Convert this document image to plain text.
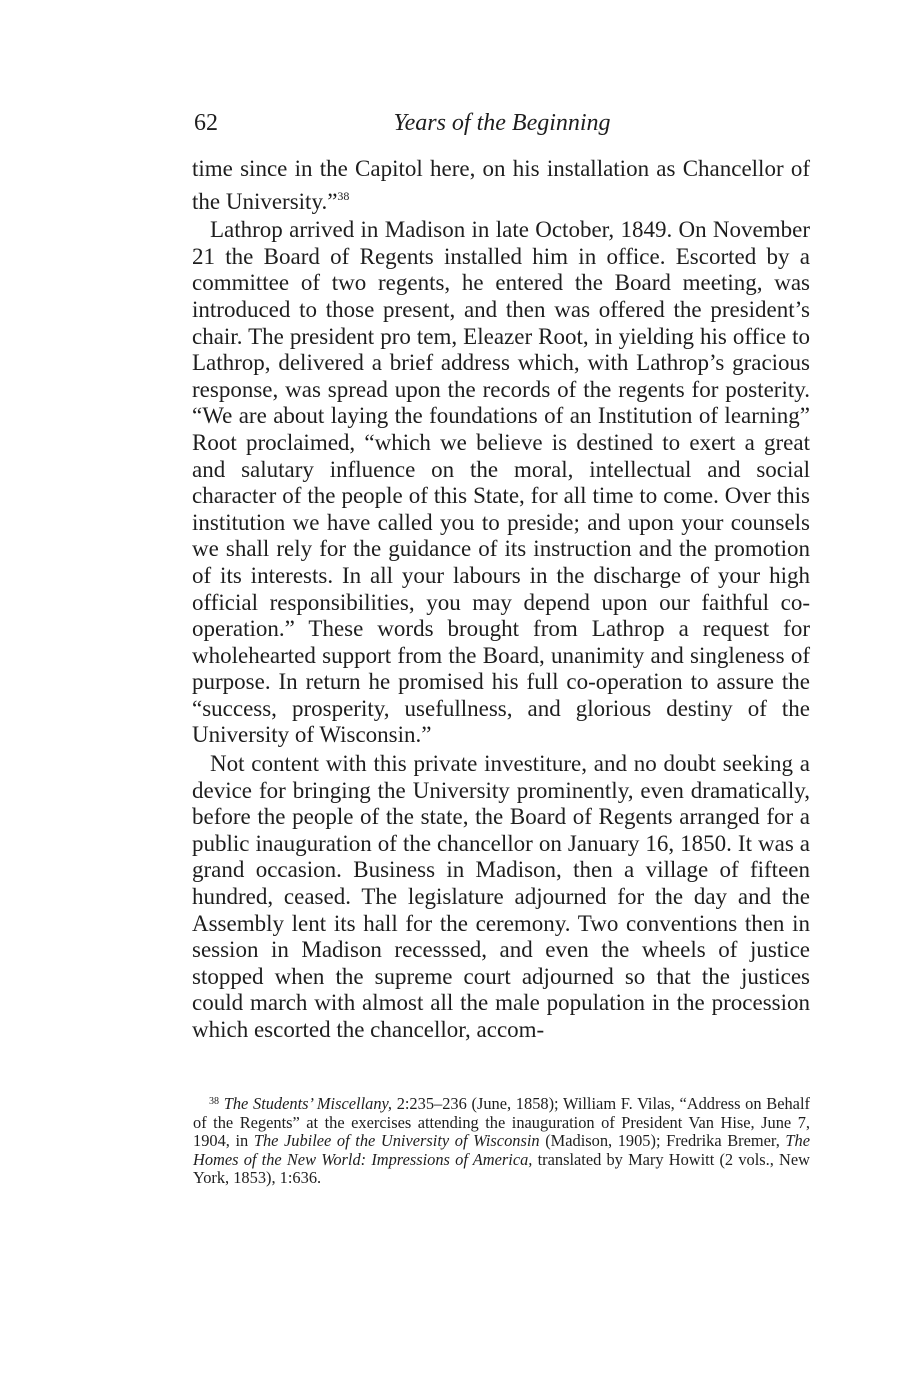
62	Years of the Beginning

time since in the Capitol here, on his installation as Chancellor of the University.”$^{38}$

Lathrop arrived in Madison in late October, 1849. On November 21 the Board of Regents installed him in office. Escorted by a committee of two regents, he entered the Board meeting, was introduced to those present, and then was offered the president’s chair. The president pro tem, Eleazer Root, in yielding his office to Lathrop, delivered a brief address which, with Lathrop’s gracious response, was spread upon the records of the regents for posterity. “We are about laying the foundations of an Institution of learning” Root proclaimed, “which we believe is destined to exert a great and salutary influence on the moral, intellectual and social character of the people of this State, for all time to come. Over this institution we have called you to preside; and upon your counsels we shall rely for the guidance of its instruction and the promotion of its interests. In all your labours in the discharge of your high official responsibilities, you may depend upon our faithful co-operation.” These words brought from Lathrop a request for wholehearted support from the Board, unanimity and singleness of purpose. In return he promised his full co-operation to assure the “success, prosperity, usefullness, and glorious destiny of the University of Wisconsin.”

Not content with this private investiture, and no doubt seeking a device for bringing the University prominently, even dramatically, before the people of the state, the Board of Regents arranged for a public inauguration of the chancellor on January 16, 1850. It was a grand occasion. Business in Madison, then a village of fifteen hundred, ceased. The legislature adjourned for the day and the Assembly lent its hall for the ceremony. Two conventions then in session in Madison recesssed, and even the wheels of justice stopped when the supreme court adjourned so that the justices could march with almost all the male population in the procession which escorted the chancellor, accom-

$^{38}$ The Students’ Miscellany, 2:235–236 (June, 1858); William F. Vilas, “Address on Behalf of the Regents” at the exercises attending the inauguration of President Van Hise, June 7, 1904, in The Jubilee of the University of Wisconsin (Madison, 1905); Fredrika Bremer, The Homes of the New World: Impressions of America, translated by Mary Howitt (2 vols., New York, 1853), 1:636.
